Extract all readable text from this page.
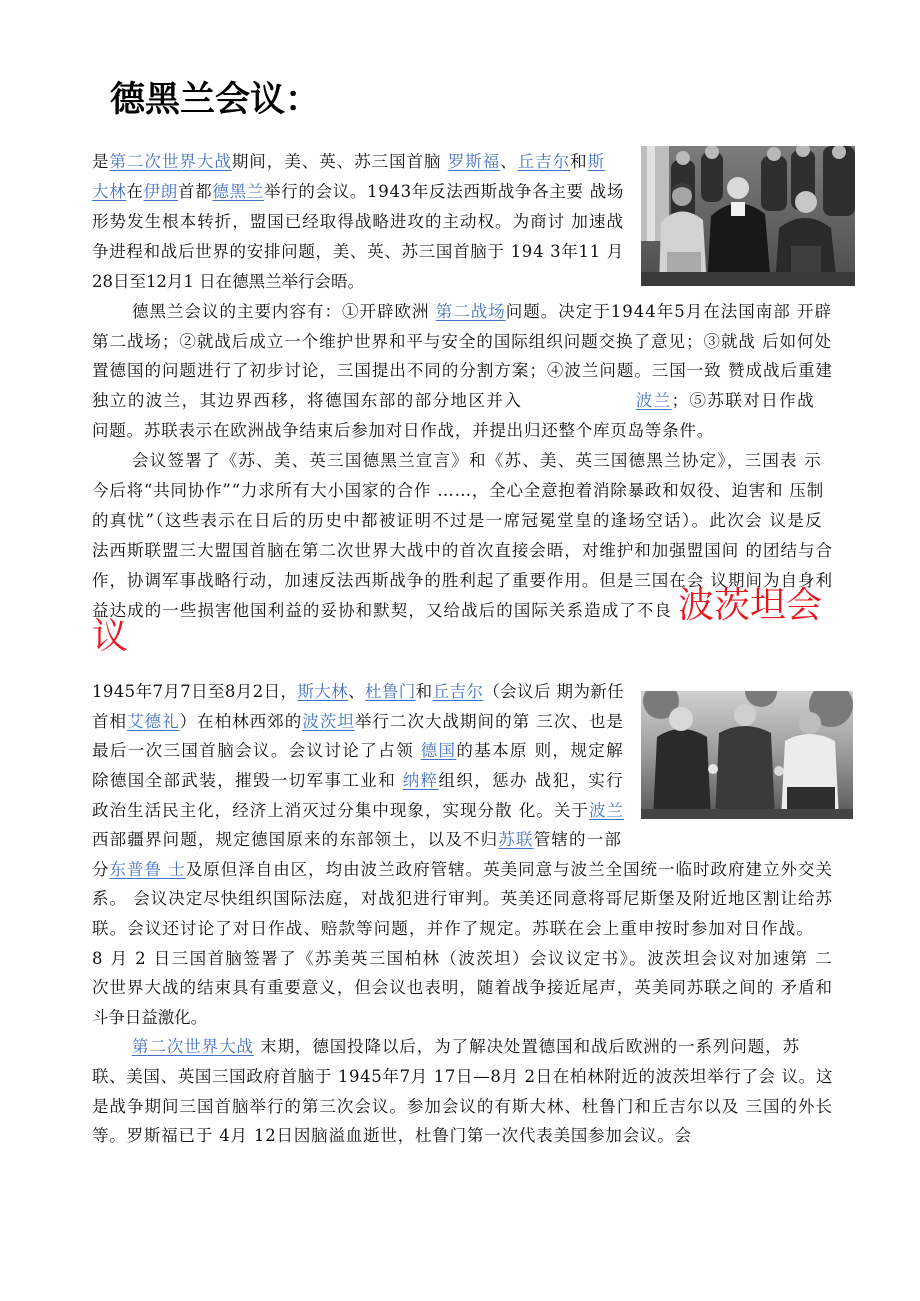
德黑兰会议：
是第二次世界大战期间，美、英、苏三国首脑 罗斯福、丘吉尔和斯
大林在伊朗首都德黑兰举行的会议。1943年反法西斯战争各主要 战场
形势发生根本转折，盟国已经取得战略进攻的主动权。为商讨 加速战
争进程和战后世界的安排问题，美、英、苏三国首脑于 194 3年11 月
28日至12月1 日在德黑兰举行会晤。
德黑兰会议的主要内容有：①开辟欧洲 第二战场问题。决定于1944年5月在法国南部 开辟
第二战场；②就战后成立一个维护世界和平与安全的国际组织问题交换了意见；③就战 后如何处
置德国的问题进行了初步讨论，三国提出不同的分割方案；④波兰问题。三国一致 赞成战后重建
独立的波兰，其边界西移，将德国东部的部分地区并入                 波兰；⑤苏联对日作战
问题。苏联表示在欧洲战争结束后参加对日作战，并提出归还整个库页岛等条件。
会议签署了《苏、美、英三国德黑兰宣言》和《苏、美、英三国德黑兰协定》，三国表 示
今后将“共同协作”“力求所有大小国家的合作 ……，全心全意抱着消除暴政和奴役、迫害和 压制
的真忧”（这些表示在日后的历史中都被证明不过是一席冠冕堂皇的逢场空话）。此次会 议是反
法西斯联盟三大盟国首脑在第二次世界大战中的首次直接会晤，对维护和加强盟国间 的团结与合
作，协调军事战略行动，加速反法西斯战争的胜利起了重要作用。但是三国在会 议期间为自身利
益达成的一些损害他国利益的妥协和默契，又给战后的国际关系造成了不良 波茨坦会
议
1945年7月7日至8月2日，斯大林、杜鲁门和丘吉尔（会议后 期为新任
首相艾德礼）在柏林西郊的波茨坦举行二次大战期间的第 三次、也是
最后一次三国首脑会议。会议讨论了占领 德国的基本原 则，规定解
除德国全部武装，摧毁一切军事工业和 纳粹组织，惩办 战犯，实行
政治生活民主化，经济上消灭过分集中现象，实现分散 化。关于波兰
西部疆界问题，规定德国原来的东部领土，以及不归苏联管辖的一部
分东普鲁 士及原但泽自由区，均由波兰政府管辖。英美同意与波兰全国统一临时政府建立外交关
系。 会议决定尽快组织国际法庭，对战犯进行审判。英美还同意将哥尼斯堡及附近地区割让给苏
联。会议还讨论了对日作战、赔款等问题，并作了规定。苏联在会上重申按时参加对日作战。
8 月 2 日三国首脑签署了《苏美英三国柏林（波茨坦）会议议定书》。波茨坦会议对加速第 二
次世界大战的结束具有重要意义，但会议也表明，随着战争接近尾声，英美同苏联之间的 矛盾和
斗争日益激化。
第二次世界大战 末期，德国投降以后，为了解决处置德国和战后欧洲的一系列问题，苏
联、美国、英国三国政府首脑于 1945年7月 17日—8月 2日在柏林附近的波茨坦举行了会 议。这
是战争期间三国首脑举行的第三次会议。参加会议的有斯大林、杜鲁门和丘吉尔以及 三国的外长
等。罗斯福已于 4月 12日因脑溢血逝世，杜鲁门第一次代表美国参加会议。会
